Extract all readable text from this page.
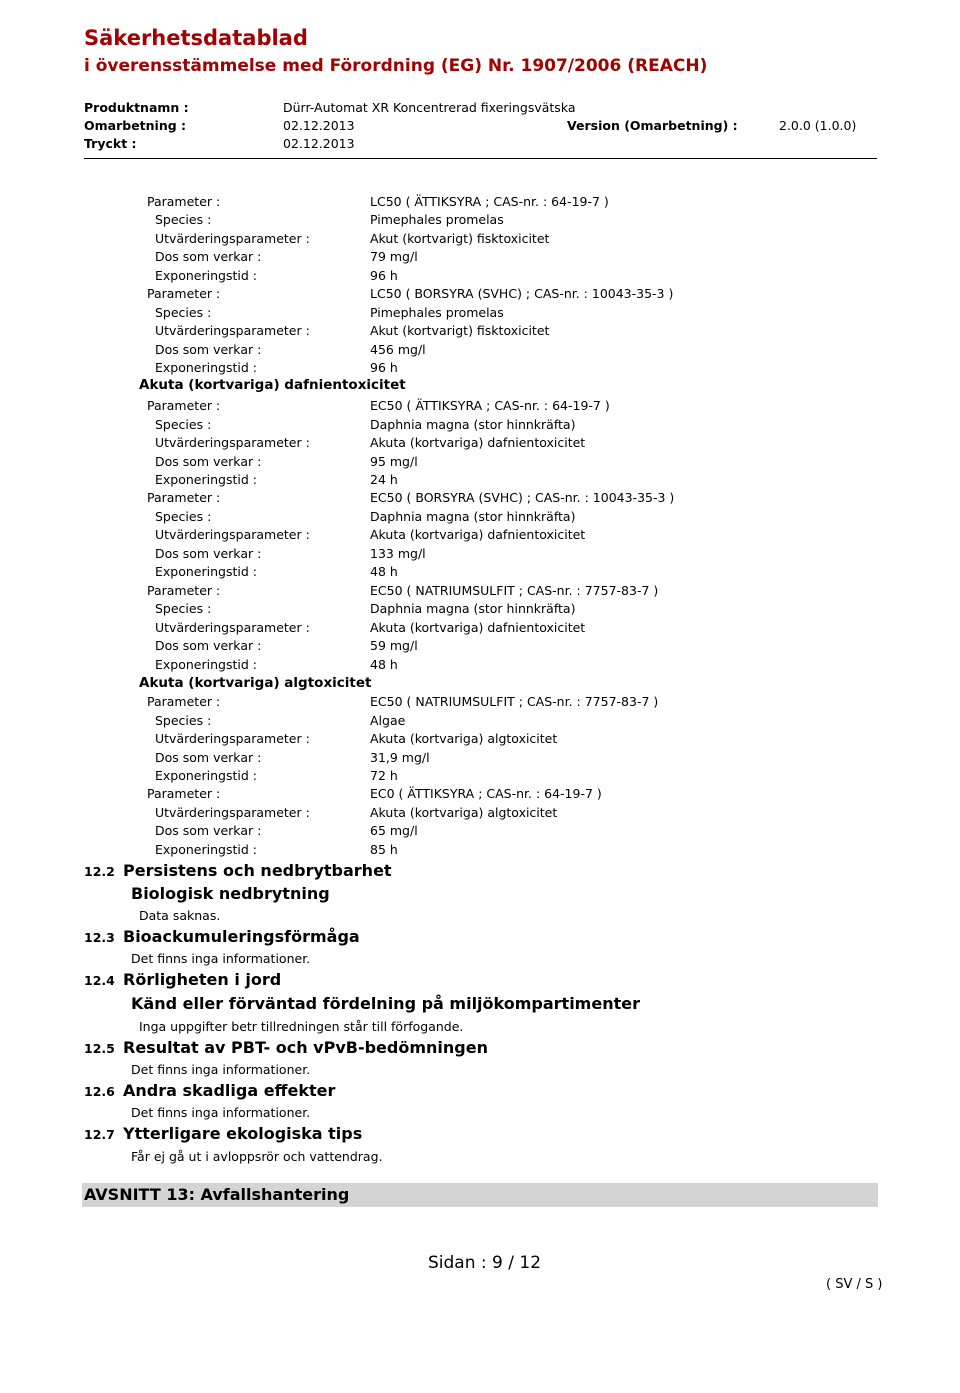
Säkerhetsdatablad
i överensstämmelse med Förordning (EG) Nr. 1907/2006 (REACH)
Produktnamn :	Dürr-Automat XR Koncentrerad fixeringsvätska
Omarbetning :	02.12.2013	Version (Omarbetning) :	2.0.0 (1.0.0)
Tryckt :	02.12.2013
Parameter :	LC50 ( ÄTTIKSYRA ; CAS-nr. : 64-19-7 )
Species :	Pimephales promelas
Utvärderingsparameter :	Akut (kortvarigt) fisktoxicitet
Dos som verkar :	79 mg/l
Exponeringstid :	96 h
Parameter :	LC50 ( BORSYRA (SVHC) ; CAS-nr. : 10043-35-3 )
Species :	Pimephales promelas
Utvärderingsparameter :	Akut (kortvarigt) fisktoxicitet
Dos som verkar :	456 mg/l
Exponeringstid :	96 h
Akuta (kortvariga) dafnientoxicitet
Parameter :	EC50 ( ÄTTIKSYRA ; CAS-nr. : 64-19-7 )
Species :	Daphnia magna (stor hinnkräfta)
Utvärderingsparameter :	Akuta (kortvariga) dafnientoxicitet
Dos som verkar :	95 mg/l
Exponeringstid :	24 h
Parameter :	EC50 ( BORSYRA (SVHC) ; CAS-nr. : 10043-35-3 )
Species :	Daphnia magna (stor hinnkräfta)
Utvärderingsparameter :	Akuta (kortvariga) dafnientoxicitet
Dos som verkar :	133 mg/l
Exponeringstid :	48 h
Parameter :	EC50 ( NATRIUMSULFIT ; CAS-nr. : 7757-83-7 )
Species :	Daphnia magna (stor hinnkräfta)
Utvärderingsparameter :	Akuta (kortvariga) dafnientoxicitet
Dos som verkar :	59 mg/l
Exponeringstid :	48 h
Akuta (kortvariga) algtoxicitet
Parameter :	EC50 ( NATRIUMSULFIT ; CAS-nr. : 7757-83-7 )
Species :	Algae
Utvärderingsparameter :	Akuta (kortvariga) algtoxicitet
Dos som verkar :	31,9 mg/l
Exponeringstid :	72 h
Parameter :	EC0 ( ÄTTIKSYRA ; CAS-nr. : 64-19-7 )
Utvärderingsparameter :	Akuta (kortvariga) algtoxicitet
Dos som verkar :	65 mg/l
Exponeringstid :	85 h
12.2 Persistens och nedbrytbarhet
Biologisk nedbrytning
Data saknas.
12.3 Bioackumuleringsförmåga
Det finns inga informationer.
12.4 Rörligheten i jord
Känd eller förväntad fördelning på miljökompartimenter
Inga uppgifter betr tillredningen står till förfogande.
12.5 Resultat av PBT- och vPvB-bedömningen
Det finns inga informationer.
12.6 Andra skadliga effekter
Det finns inga informationer.
12.7 Ytterligare ekologiska tips
Får ej gå ut i avloppsrör och vattendrag.
AVSNITT 13: Avfallshantering
Sidan : 9 / 12
( SV / S )
